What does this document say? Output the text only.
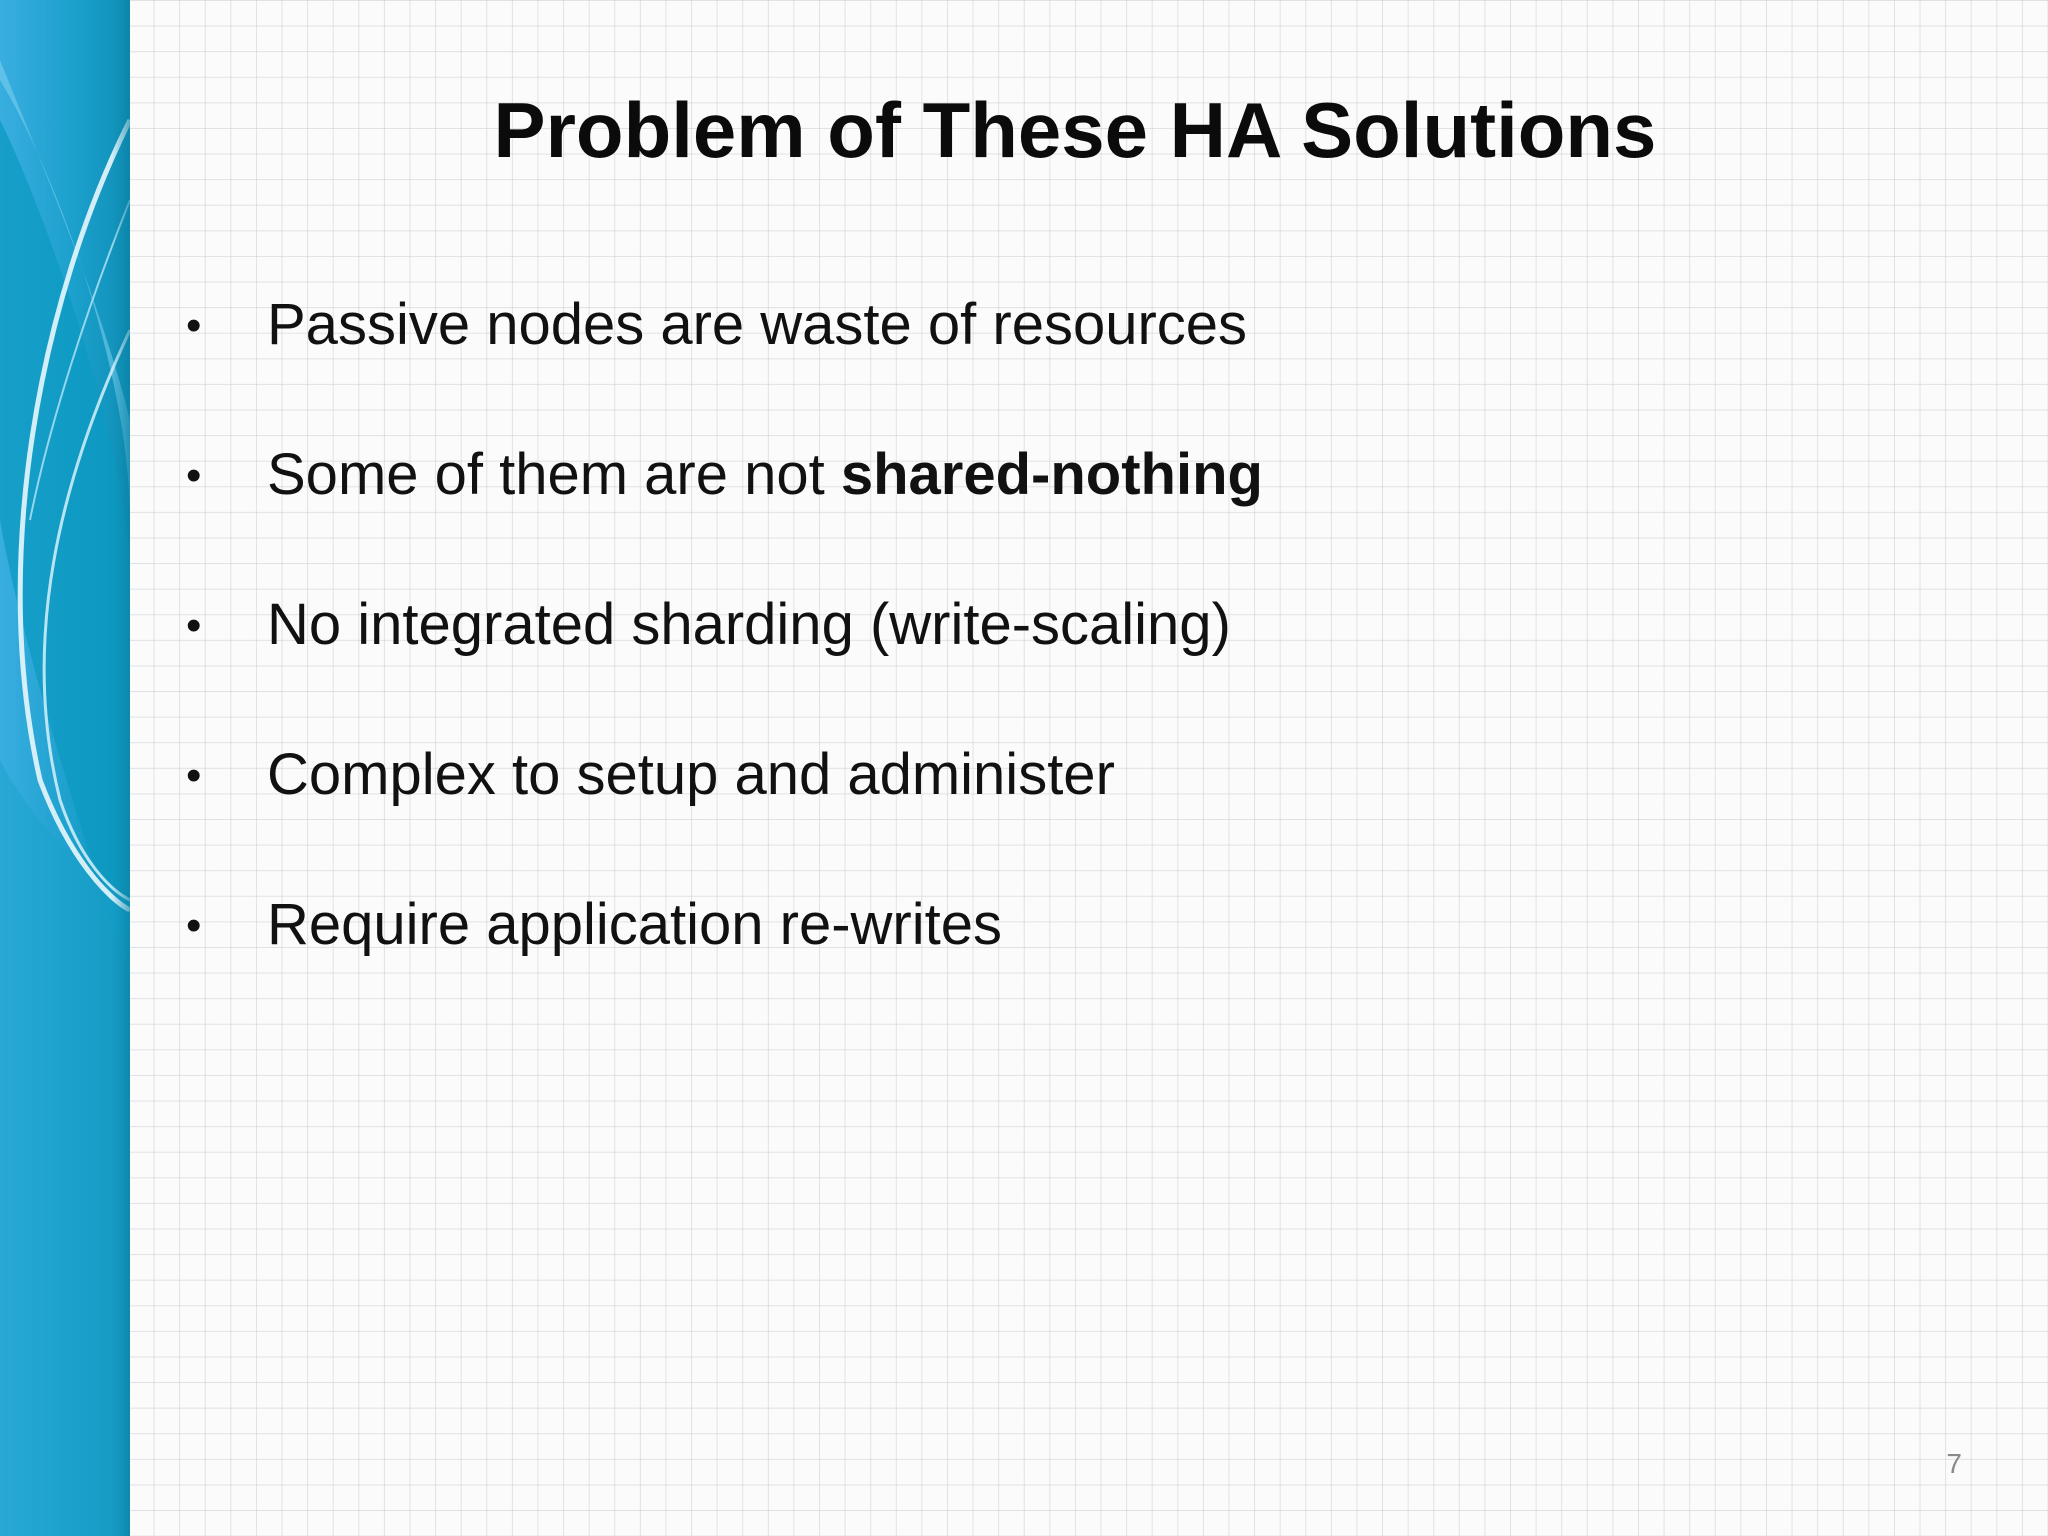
Problem of These HA Solutions
•	Passive nodes are waste of resources
•	Some of them are not shared-nothing
•	No integrated sharding (write-scaling)
•	Complex to setup and administer
•	Require application re-writes
7
